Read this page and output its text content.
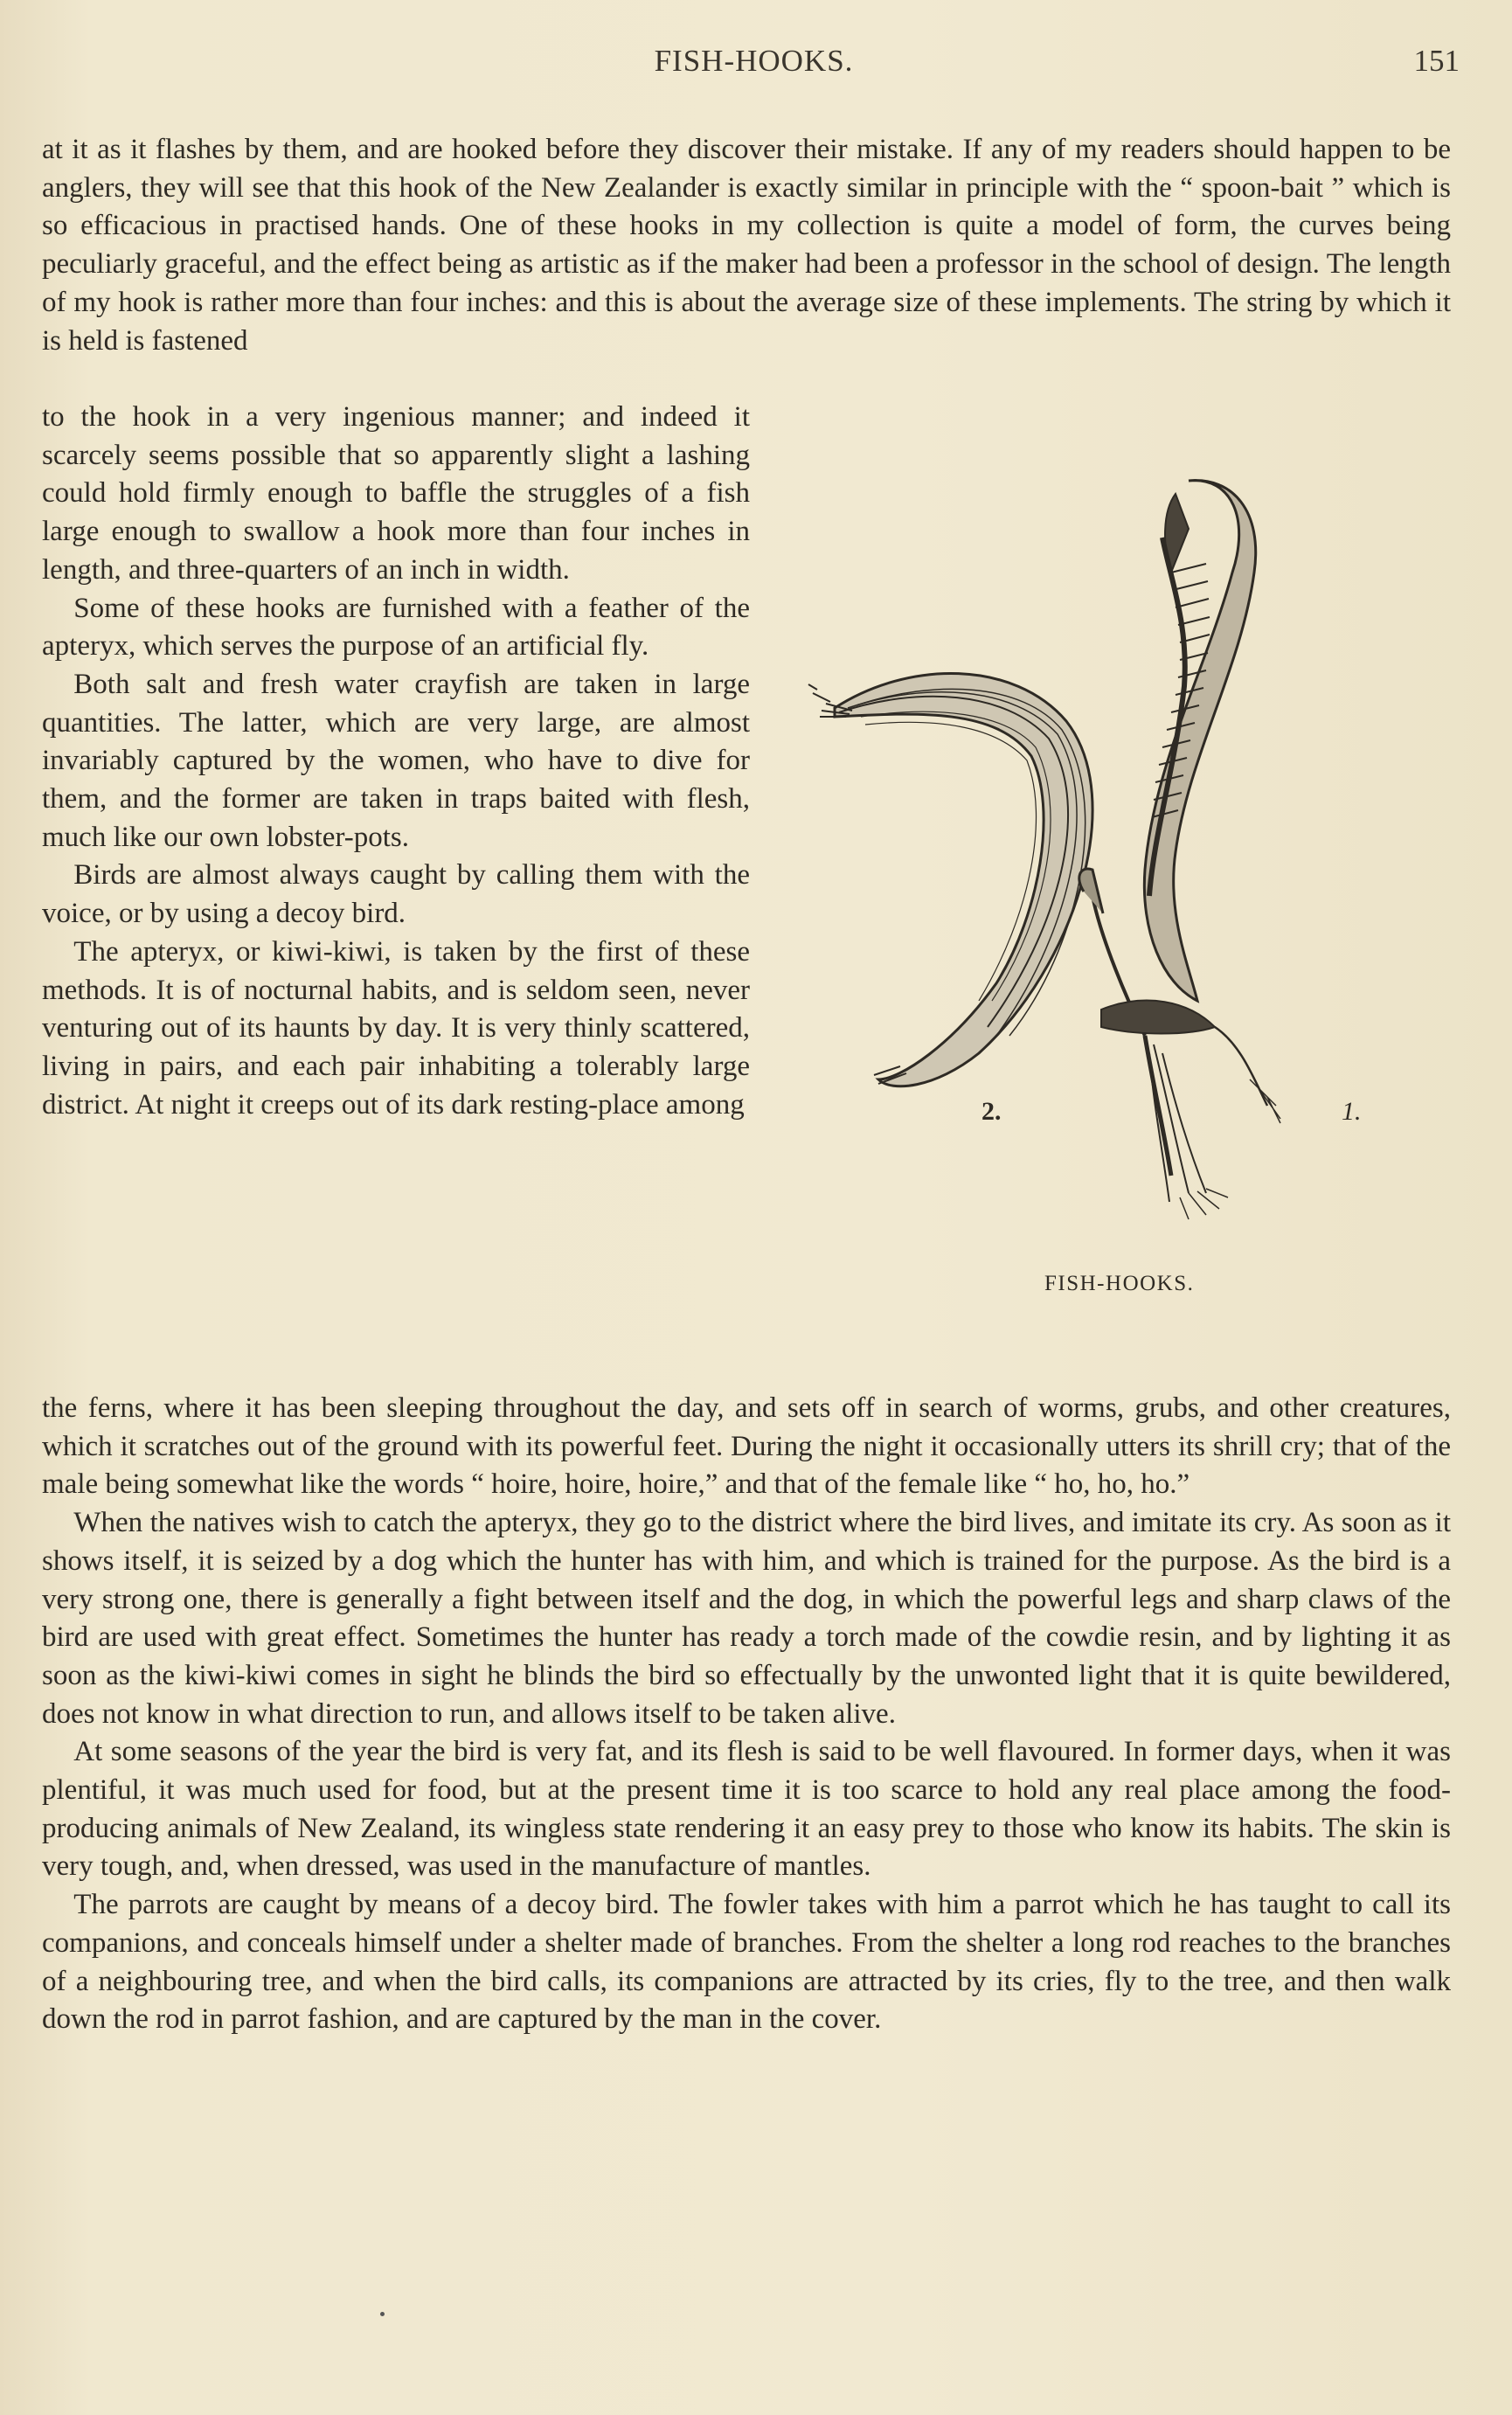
FISH-HOOKS.	151

at it as it flashes by them, and are hooked before they discover their mistake. If any of my readers should happen to be anglers, they will see that this hook of the New Zealander is exactly similar in principle with the “ spoon-bait ” which is so efficacious in practised hands. One of these hooks in my collection is quite a model of form, the curves being peculiarly graceful, and the effect being as artistic as if the maker had been a professor in the school of design. The length of my hook is rather more than four inches: and this is about the average size of these implements. The string by which it is held is fastened

to the hook in a very ingenious manner; and indeed it scarcely seems possible that so apparently slight a lashing could hold firmly enough to baffle the struggles of a fish large enough to swallow a hook more than four inches in length, and three-quarters of an inch in width.

Some of these hooks are furnished with a feather of the apteryx, which serves the purpose of an artificial fly.

Both salt and fresh water crayfish are taken in large quantities. The latter, which are very large, are almost invariably captured by the women, who have to dive for them, and the former are taken in traps baited with flesh, much like our own lobster-pots.

Birds are almost always caught by calling them with the voice, or by using a decoy bird.

The apteryx, or kiwi-kiwi, is taken by the first of these methods. It is of nocturnal habits, and is seldom seen, never venturing out of its haunts by day. It is very thinly scattered, living in pairs, and each pair inhabiting a tolerably large district. At night it creeps out of its dark resting-place among	2.	1.
FISH-HOOKS.

the ferns, where it has been sleeping throughout the day, and sets off in search of worms, grubs, and other creatures, which it scratches out of the ground with its powerful feet. During the night it occasionally utters its shrill cry; that of the male being somewhat like the words “ hoire, hoire, hoire,” and that of the female like “ ho, ho, ho.”

When the natives wish to catch the apteryx, they go to the district where the bird lives, and imitate its cry. As soon as it shows itself, it is seized by a dog which the hunter has with him, and which is trained for the purpose. As the bird is a very strong one, there is generally a fight between itself and the dog, in which the powerful legs and sharp claws of the bird are used with great effect. Sometimes the hunter has ready a torch made of the cowdie resin, and by lighting it as soon as the kiwi-kiwi comes in sight he blinds the bird so effectually by the unwonted light that it is quite bewildered, does not know in what direction to run, and allows itself to be taken alive.

At some seasons of the year the bird is very fat, and its flesh is said to be well flavoured. In former days, when it was plentiful, it was much used for food, but at the present time it is too scarce to hold any real place among the food-producing animals of New Zealand, its wingless state rendering it an easy prey to those who know its habits. The skin is very tough, and, when dressed, was used in the manufacture of mantles.

The parrots are caught by means of a decoy bird. The fowler takes with him a parrot which he has taught to call its companions, and conceals himself under a shelter made of branches. From the shelter a long rod reaches to the branches of a neighbouring tree, and when the bird calls, its companions are attracted by its cries, fly to the tree, and then walk down the rod in parrot fashion, and are captured by the man in the cover.
